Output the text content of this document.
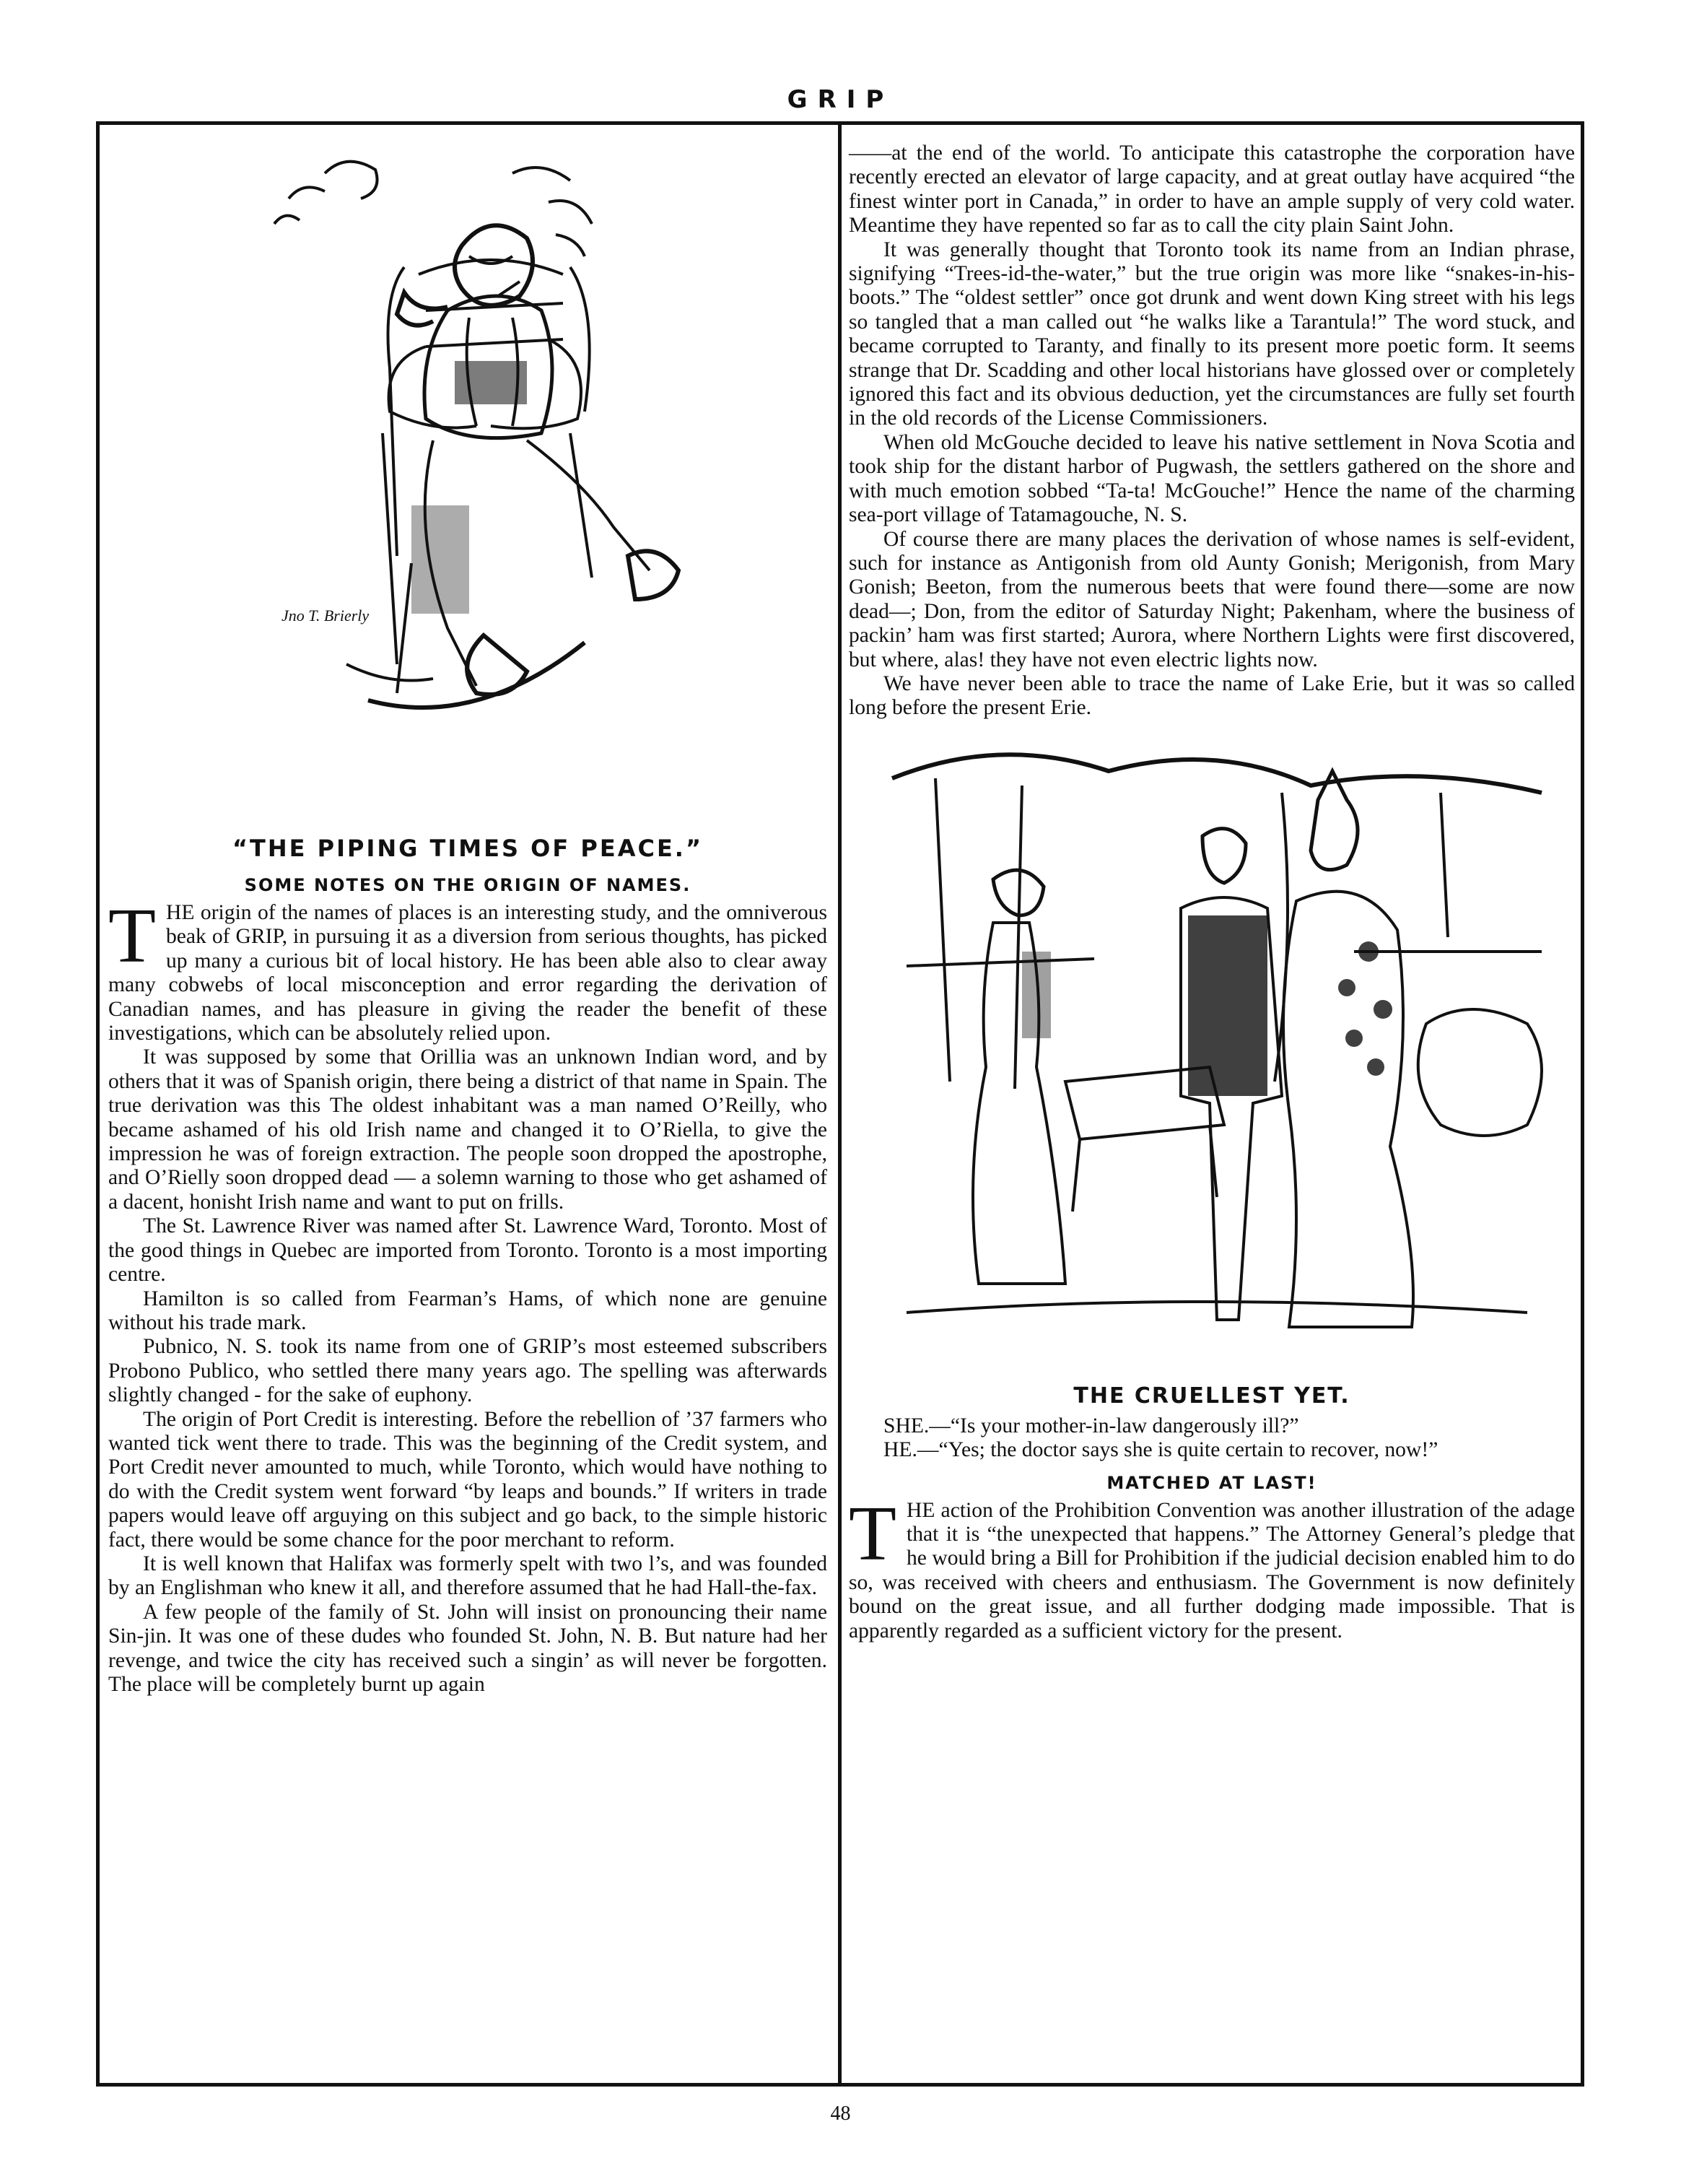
GRIP
Jno T. Brierly
“THE PIPING TIMES OF PEACE.”
SOME NOTES ON THE ORIGIN OF NAMES.

THE origin of the names of places is an interesting study, and the omniverous beak of GRIP, in pursuing it as a diversion from serious thoughts, has picked up many a curious bit of local history. He has been able also to clear away many cobwebs of local misconception and error regarding the derivation of Canadian names, and has pleasure in giving the reader the benefit of these investigations, which can be absolutely relied upon.

It was supposed by some that Orillia was an unknown Indian word, and by others that it was of Spanish origin, there being a district of that name in Spain. The true derivation was this The oldest inhabitant was a man named O’Reilly, who became ashamed of his old Irish name and changed it to O’Riella, to give the impression he was of foreign extraction. The people soon dropped the apostrophe, and O’Rielly soon dropped dead — a solemn warning to those who get ashamed of a dacent, honisht Irish name and want to put on frills.

The St. Lawrence River was named after St. Lawrence Ward, Toronto. Most of the good things in Quebec are imported from Toronto. Toronto is a most importing centre.

Hamilton is so called from Fearman’s Hams, of which none are genuine without his trade mark.

Pubnico, N. S. took its name from one of GRIP’s most esteemed subscribers Probono Publico, who settled there many years ago. The spelling was afterwards slightly changed - for the sake of euphony.

The origin of Port Credit is interesting. Before the rebellion of ’37 farmers who wanted tick went there to trade. This was the beginning of the Credit system, and Port Credit never amounted to much, while Toronto, which would have nothing to do with the Credit system went forward “by leaps and bounds.” If writers in trade papers would leave off arguying on this subject and go back, to the simple historic fact, there would be some chance for the poor merchant to reform.

It is well known that Halifax was formerly spelt with two l’s, and was founded by an Englishman who knew it all, and therefore assumed that he had Hall-the-fax.

A few people of the family of St. John will insist on pronouncing their name Sin-jin. It was one of these dudes who founded St. John, N. B. But nature had her revenge, and twice the city has received such a singin’ as will never be forgotten. The place will be completely burnt up again

——at the end of the world. To anticipate this catastrophe the corporation have recently erected an elevator of large capacity, and at great outlay have acquired “the finest winter port in Canada,” in order to have an ample supply of very cold water. Meantime they have repented so far as to call the city plain Saint John.

It was generally thought that Toronto took its name from an Indian phrase, signifying “Trees-id-the-water,” but the true origin was more like “snakes-in-his-boots.” The “oldest settler” once got drunk and went down King street with his legs so tangled that a man called out “he walks like a Tarantula!” The word stuck, and became corrupted to Taranty, and finally to its present more poetic form. It seems strange that Dr. Scadding and other local historians have glossed over or completely ignored this fact and its obvious deduction, yet the circumstances are fully set fourth in the old records of the License Commissioners.

When old McGouche decided to leave his native settlement in Nova Scotia and took ship for the distant harbor of Pugwash, the settlers gathered on the shore and with much emotion sobbed “Ta-ta! McGouche!” Hence the name of the charming sea-port village of Tatamagouche, N. S.

Of course there are many places the derivation of whose names is self-evident, such for instance as Antigonish from old Aunty Gonish; Merigonish, from Mary Gonish; Beeton, from the numerous beets that were found there—some are now dead—; Don, from the editor of Saturday Night; Pakenham, where the business of packin’ ham was first started; Aurora, where Northern Lights were first discovered, but where, alas! they have not even electric lights now.

We have never been able to trace the name of Lake Erie, but it was so called long before the present Erie.

THE CRUELLEST YET.

SHE.—“Is your mother-in-law dangerously ill?”

HE.—“Yes; the doctor says she is quite certain to recover, now!”

MATCHED AT LAST!

THE action of the Prohibition Convention was another illustration of the adage that it is “the unexpected that happens.” The Attorney General’s pledge that he would bring a Bill for Prohibition if the judicial decision enabled him to do so, was received with cheers and enthusiasm. The Government is now definitely bound on the great issue, and all further dodging made impossible. That is apparently regarded as a sufficient victory for the present.

48
